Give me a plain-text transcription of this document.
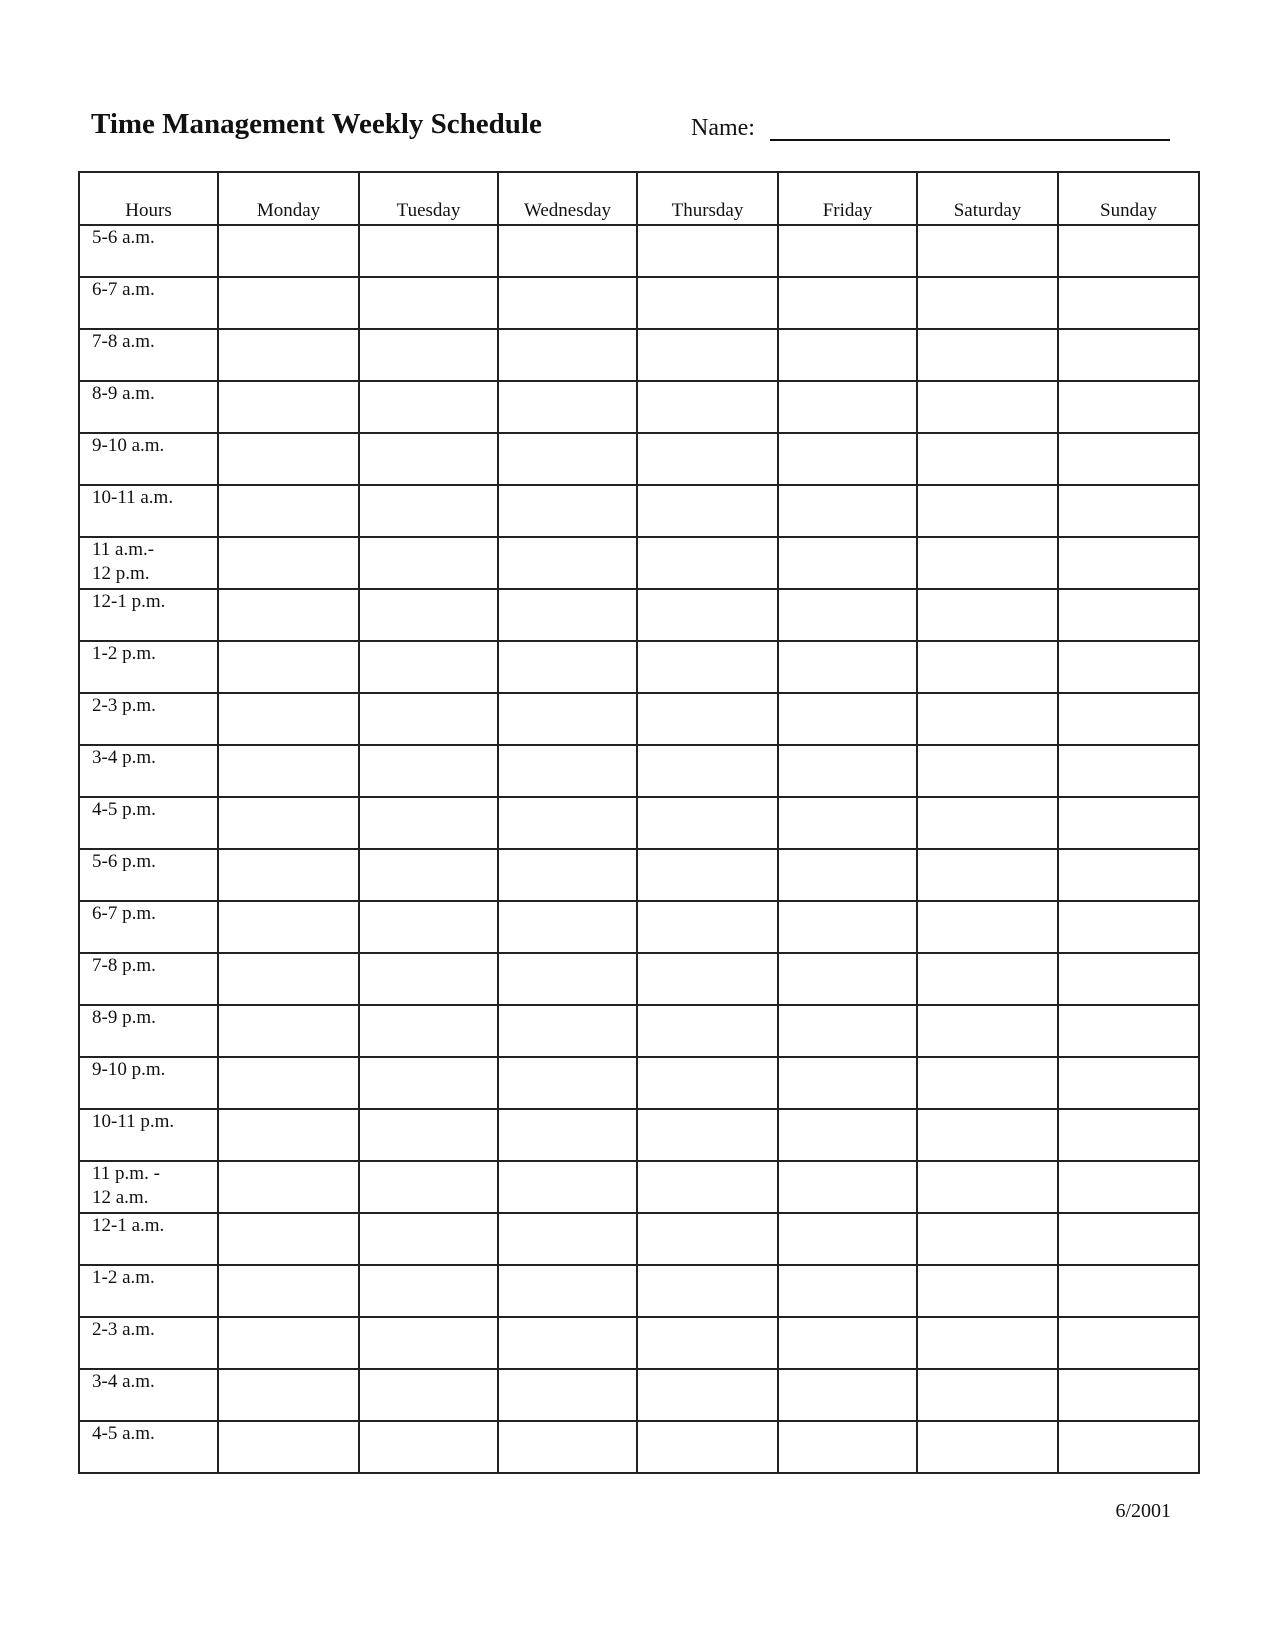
Time Management Weekly Schedule	Name:
Hours	Monday	Tuesday	Wednesday	Thursday	Friday	Saturday	Sunday
5-6 a.m.							
6-7 a.m.							
7-8 a.m.							
8-9 a.m.							
9-10 a.m.							
10-11 a.m.							
11 a.m.-
12 p.m.							
12-1 p.m.							
1-2 p.m.							
2-3 p.m.							
3-4 p.m.							
4-5 p.m.							
5-6 p.m.							
6-7 p.m.							
7-8 p.m.							
8-9 p.m.							
9-10 p.m.							
10-11 p.m.							
11 p.m. -
12 a.m.							
12-1 a.m.							
1-2 a.m.							
2-3 a.m.							
3-4 a.m.							
4-5 a.m.							
6/2001
